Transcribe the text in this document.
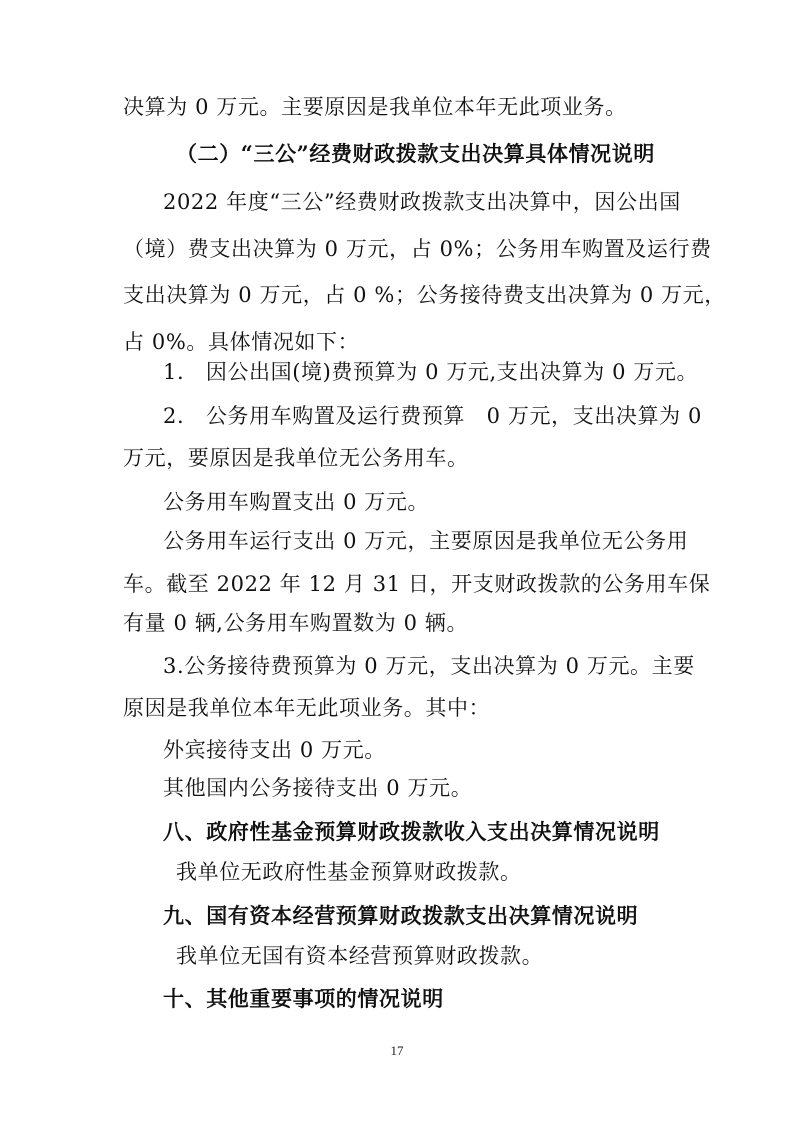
决算为 0 万元。主要原因是我单位本年无此项业务。
（二）“三公”经费财政拨款支出决算具体情况说明
2022 年度“三公”经费财政拨款支出决算中，因公出国
（境）费支出决算为 0 万元，占 0%；公务用车购置及运行费
支出决算为 0 万元，占 0 %；公务接待费支出决算为 0 万元，
占 0%。具体情况如下：
1.　因公出国(境)费预算为 0 万元,支出决算为 0 万元。
2.　公务用车购置及运行费预算　0 万元，支出决算为 0
万元，要原因是我单位无公务用车。
公务用车购置支出 0 万元。
公务用车运行支出 0 万元，主要原因是我单位无公务用
车。截至 2022 年 12 月 31 日，开支财政拨款的公务用车保
有量 0 辆,公务用车购置数为 0 辆。
3.公务接待费预算为 0 万元，支出决算为 0 万元。主要
原因是我单位本年无此项业务。其中：
外宾接待支出 0 万元。
其他国内公务接待支出 0 万元。
八、政府性基金预算财政拨款收入支出决算情况说明
我单位无政府性基金预算财政拨款。
九、国有资本经营预算财政拨款支出决算情况说明
我单位无国有资本经营预算财政拨款。
十、其他重要事项的情况说明
17
